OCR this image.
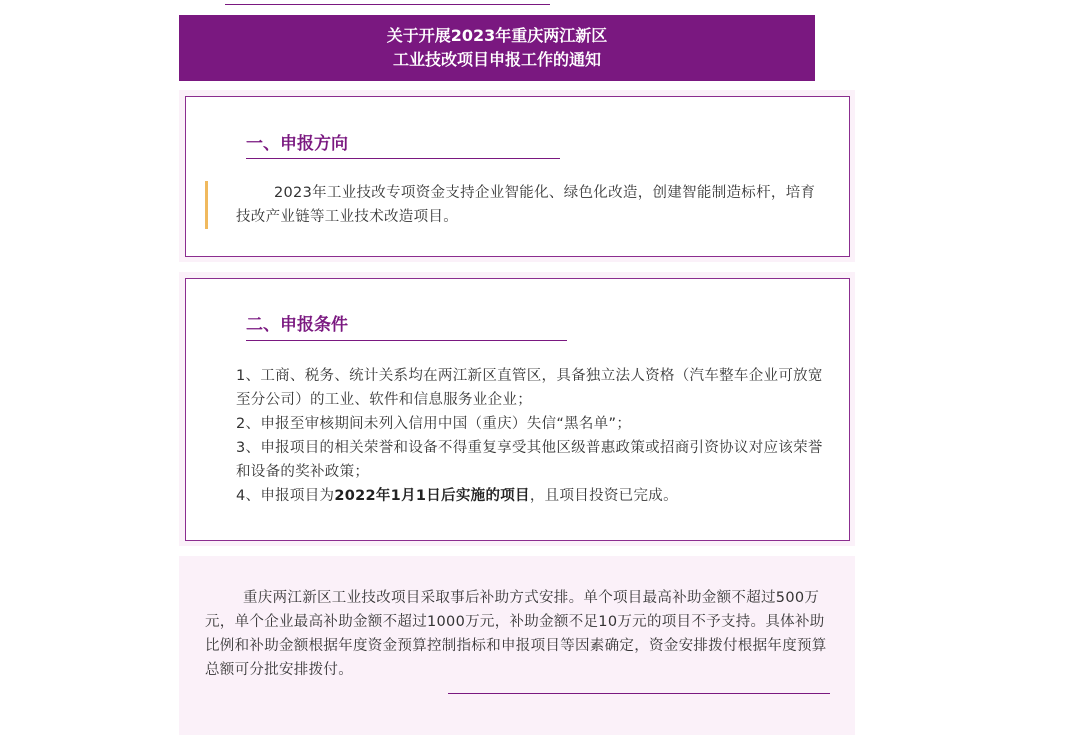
关于开展2023年重庆两江新区
工业技改项目申报工作的通知
一、申报方向
2023年工业技改专项资金支持企业智能化、绿色化改造，创建智能制造标杆，培育技改产业链等工业技术改造项目。
二、申报条件
1、工商、税务、统计关系均在两江新区直管区，具备独立法人资格（汽车整车企业可放宽至分公司）的工业、软件和信息服务业企业；
2、申报至审核期间未列入信用中国（重庆）失信“黑名单”；
3、申报项目的相关荣誉和设备不得重复享受其他区级普惠政策或招商引资协议对应该荣誉和设备的奖补政策；
4、申报项目为2022年1月1日后实施的项目，且项目投资已完成。
重庆两江新区工业技改项目采取事后补助方式安排。单个项目最高补助金额不超过500万元，单个企业最高补助金额不超过1000万元，补助金额不足10万元的项目不予支持。具体补助比例和补助金额根据年度资金预算控制指标和申报项目等因素确定，资金安排拨付根据年度预算总额可分批安排拨付。
